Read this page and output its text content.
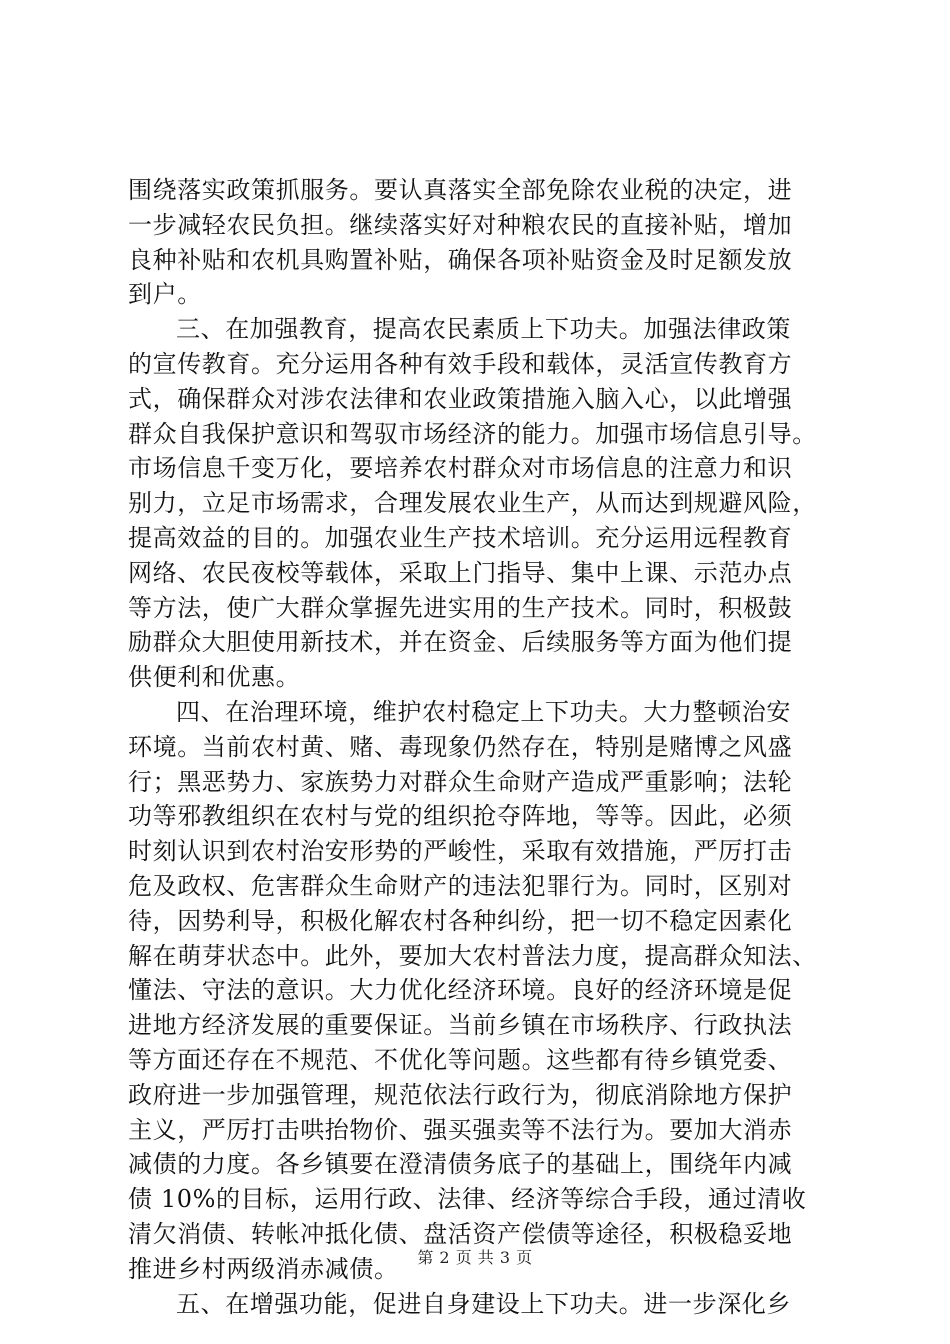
围绕落实政策抓服务。要认真落实全部免除农业税的决定，进
一步减轻农民负担。继续落实好对种粮农民的直接补贴，增加
良种补贴和农机具购置补贴，确保各项补贴资金及时足额发放
到户。
三、在加强教育，提高农民素质上下功夫。加强法律政策
的宣传教育。充分运用各种有效手段和载体，灵活宣传教育方
式，确保群众对涉农法律和农业政策措施入脑入心，以此增强
群众自我保护意识和驾驭市场经济的能力。加强市场信息引导。
市场信息千变万化，要培养农村群众对市场信息的注意力和识
别力，立足市场需求，合理发展农业生产，从而达到规避风险，
提高效益的目的。加强农业生产技术培训。充分运用远程教育
网络、农民夜校等载体，采取上门指导、集中上课、示范办点
等方法，使广大群众掌握先进实用的生产技术。同时，积极鼓
励群众大胆使用新技术，并在资金、后续服务等方面为他们提
供便利和优惠。
四、在治理环境，维护农村稳定上下功夫。大力整顿治安
环境。当前农村黄、赌、毒现象仍然存在，特别是赌博之风盛
行；黑恶势力、家族势力对群众生命财产造成严重影响；法轮
功等邪教组织在农村与党的组织抢夺阵地，等等。因此，必须
时刻认识到农村治安形势的严峻性，采取有效措施，严厉打击
危及政权、危害群众生命财产的违法犯罪行为。同时，区别对
待，因势利导，积极化解农村各种纠纷，把一切不稳定因素化
解在萌芽状态中。此外，要加大农村普法力度，提高群众知法、
懂法、守法的意识。大力优化经济环境。良好的经济环境是促
进地方经济发展的重要保证。当前乡镇在市场秩序、行政执法
等方面还存在不规范、不优化等问题。这些都有待乡镇党委、
政府进一步加强管理，规范依法行政行为，彻底消除地方保护
主义，严厉打击哄抬物价、强买强卖等不法行为。要加大消赤
减债的力度。各乡镇要在澄清债务底子的基础上，围绕年内减
债 10%的目标，运用行政、法律、经济等综合手段，通过清收
清欠消债、转帐冲抵化债、盘活资产偿债等途径，积极稳妥地
推进乡村两级消赤减债。
五、在增强功能，促进自身建设上下功夫。进一步深化乡
第 2 页 共 3 页
